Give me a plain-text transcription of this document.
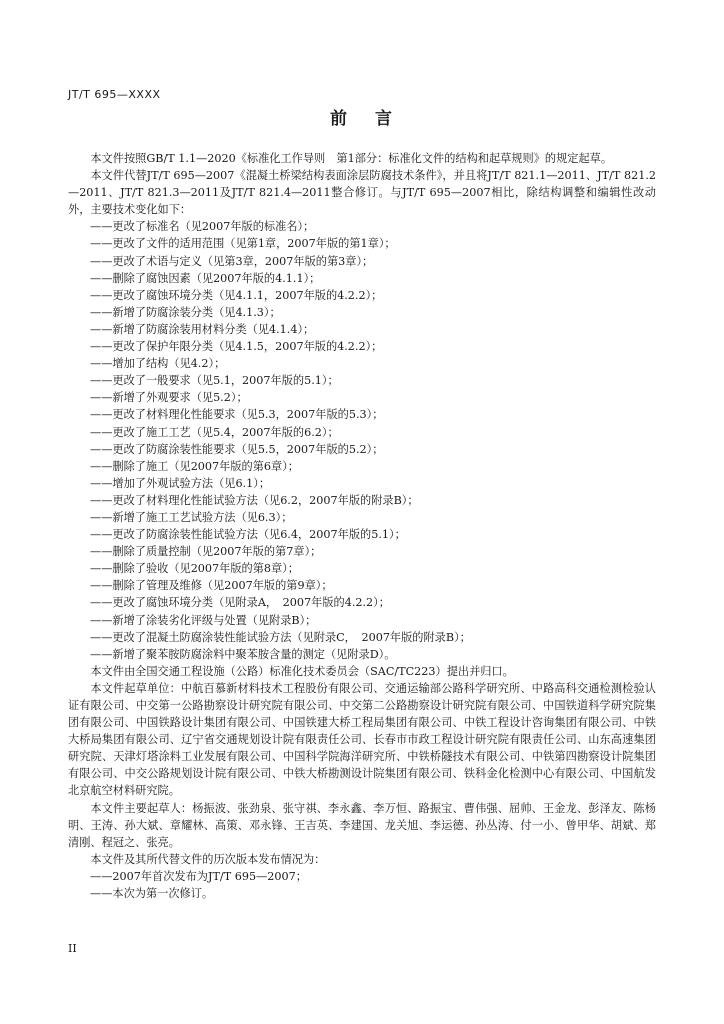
JT/T 695—XXXX
前 言

本文件按照GB/T 1.1—2020《标准化工作导则　第1部分：标准化文件的结构和起草规则》的规定起草。

本文件代替JT/T 695—2007《混凝土桥梁结构表面涂层防腐技术条件》，并且将JT/T 821.1—2011、JT/T 821.2—2011、JT/T 821.3—2011及JT/T 821.4—2011整合修订。与JT/T 695—2007相比，除结构调整和编辑性改动外，主要技术变化如下：

——更改了标准名（见2007年版的标准名）；

——更改了文件的适用范围（见第1章，2007年版的第1章）；

——更改了术语与定义（见第3章，2007年版的第3章）；

——删除了腐蚀因素（见2007年版的4.1.1）；

——更改了腐蚀环境分类（见4.1.1，2007年版的4.2.2）；

——新增了防腐涂装分类（见4.1.3）；

——新增了防腐涂装用材料分类（见4.1.4）；

——更改了保护年限分类（见4.1.5，2007年版的4.2.2）；

——增加了结构（见4.2）；

——更改了一般要求（见5.1，2007年版的5.1）；

——新增了外观要求（见5.2）；

——更改了材料理化性能要求（见5.3，2007年版的5.3）；

——更改了施工工艺（见5.4，2007年版的6.2）；

——更改了防腐涂装性能要求（见5.5，2007年版的5.2）；

——删除了施工（见2007年版的第6章）；

——增加了外观试验方法（见6.1）；

——更改了材料理化性能试验方法（见6.2，2007年版的附录B）；

——新增了施工工艺试验方法（见6.3）；

——更改了防腐涂装性能试验方法（见6.4，2007年版的5.1）；

——删除了质量控制（见2007年版的第7章）；

——删除了验收（见2007年版的第8章）；

——删除了管理及维修（见2007年版的第9章）；

——更改了腐蚀环境分类（见附录A，　2007年版的4.2.2）；

——新增了涂装劣化评级与处置（见附录B）；

——更改了混凝土防腐涂装性能试验方法（见附录C，　2007年版的附录B）；

——新增了聚苯胺防腐涂料中聚苯胺含量的测定（见附录D）。

本文件由全国交通工程设施（公路）标准化技术委员会（SAC/TC223）提出并归口。

本文件起草单位：中航百慕新材料技术工程股份有限公司、交通运输部公路科学研究所、中路高科交通检测检验认证有限公司、中交第一公路勘察设计研究院有限公司、中交第二公路勘察设计研究院有限公司、中国铁道科学研究院集团有限公司、中国铁路设计集团有限公司、中国铁建大桥工程局集团有限公司、中铁工程设计咨询集团有限公司、中铁大桥局集团有限公司、辽宁省交通规划设计院有限责任公司、长春市市政工程设计研究院有限责任公司、山东高速集团研究院、天津灯塔涂料工业发展有限公司、中国科学院海洋研究所、中铁桥隧技术有限公司、中铁第四勘察设计院集团有限公司、中交公路规划设计院有限公司、中铁大桥勘测设计院集团有限公司、铁科金化检测中心有限公司、中国航发北京航空材料研究院。

本文件主要起草人：杨振波、张劲泉、张守祺、李永鑫、李万恒、路振宝、曹伟强、屈帅、王金龙、彭泽友、陈杨明、王涛、孙大斌、章耀林、高策、邓永锋、王吉英、李建国、龙关旭、李运德、孙丛涛、付一小、曾甲华、胡斌、郑清刚、程冠之、张亮。

本文件及其所代替文件的历次版本发布情况为：

——2007年首次发布为JT/T 695—2007；

——本次为第一次修订。

II
